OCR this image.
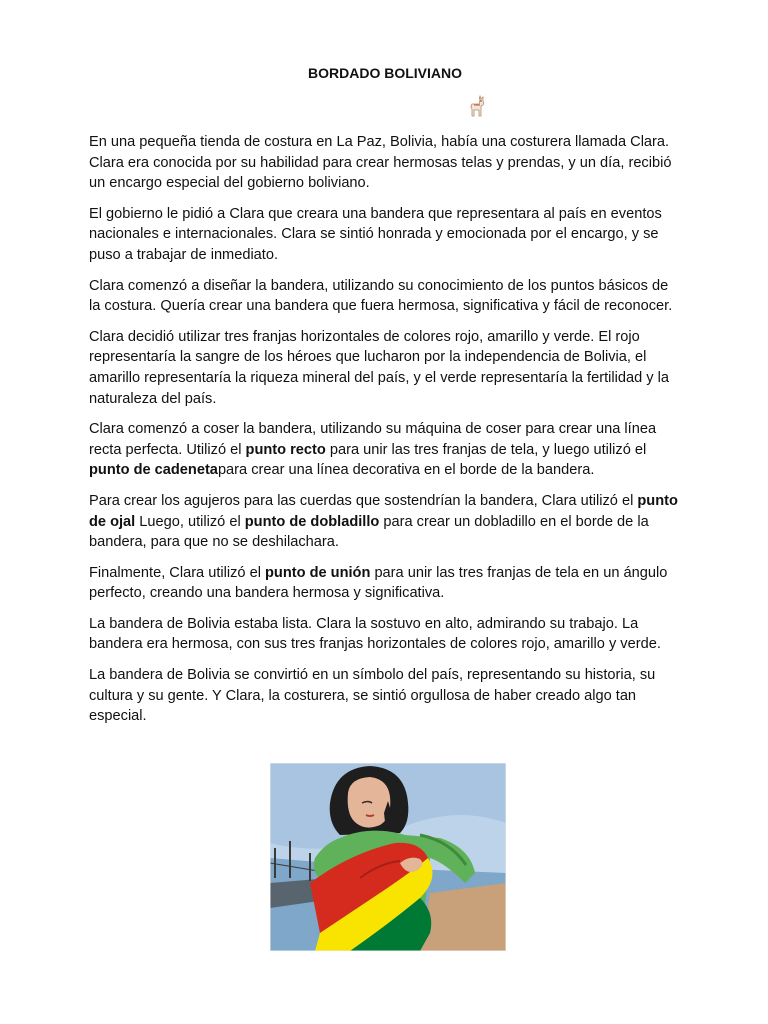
BORDADO BOLIVIANO

En una pequeña tienda de costura en La Paz, Bolivia, había una costurera llamada Clara. Clara era conocida por su habilidad para crear hermosas telas y prendas, y un día, recibió un encargo especial del gobierno boliviano.

El gobierno le pidió a Clara que creara una bandera que representara al país en eventos nacionales e internacionales. Clara se sintió honrada y emocionada por el encargo, y se puso a trabajar de inmediato.

Clara comenzó a diseñar la bandera, utilizando su conocimiento de los puntos básicos de la costura. Quería crear una bandera que fuera hermosa, significativa y fácil de reconocer.

Clara decidió utilizar tres franjas horizontales de colores rojo, amarillo y verde. El rojo representaría la sangre de los héroes que lucharon por la independencia de Bolivia, el amarillo representaría la riqueza mineral del país, y el verde representaría la fertilidad y la naturaleza del país.

Clara comenzó a coser la bandera, utilizando su máquina de coser para crear una línea recta perfecta. Utilizó el punto recto para unir las tres franjas de tela, y luego utilizó el punto de cadenetapara crear una línea decorativa en el borde de la bandera.

Para crear los agujeros para las cuerdas que sostendrían la bandera, Clara utilizó el punto de ojal Luego, utilizó el punto de dobladillo para crear un dobladillo en el borde de la bandera, para que no se deshilachara.

Finalmente, Clara utilizó el punto de unión para unir las tres franjas de tela en un ángulo perfecto, creando una bandera hermosa y significativa.

La bandera de Bolivia estaba lista. Clara la sostuvo en alto, admirando su trabajo. La bandera era hermosa, con sus tres franjas horizontales de colores rojo, amarillo y verde.

La bandera de Bolivia se convirtió en un símbolo del país, representando su historia, su cultura y su gente. Y Clara, la costurera, se sintió orgullosa de haber creado algo tan especial.
